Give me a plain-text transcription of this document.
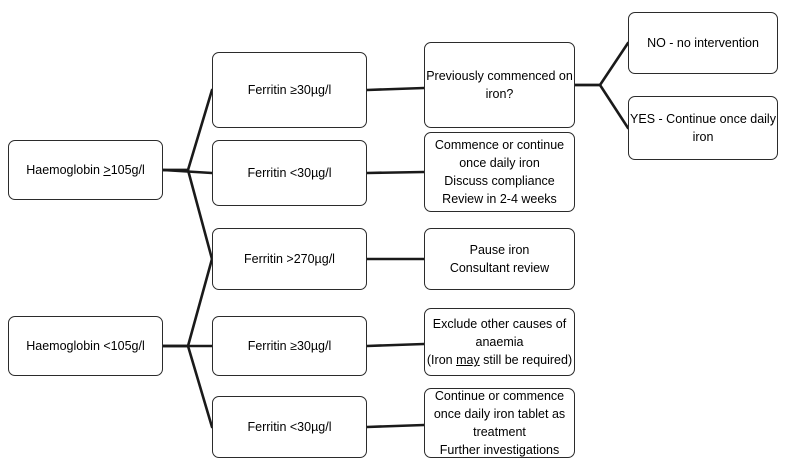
Haemoglobin >105g/l
Haemoglobin <105g/l
Ferritin ≥30µg/l
Ferritin <30µg/l
Ferritin >270µg/l
Ferritin ≥30µg/l
Ferritin <30µg/l
Previously commenced on
iron?
NO - no intervention
YES - Continue once daily
iron
Commence or continue
once daily iron
Discuss compliance
Review in 2-4 weeks
Pause iron
Consultant review
Exclude other causes of
anaemia
(Iron may still be required)
Continue or commence
once daily iron tablet as
treatment
Further investigations
